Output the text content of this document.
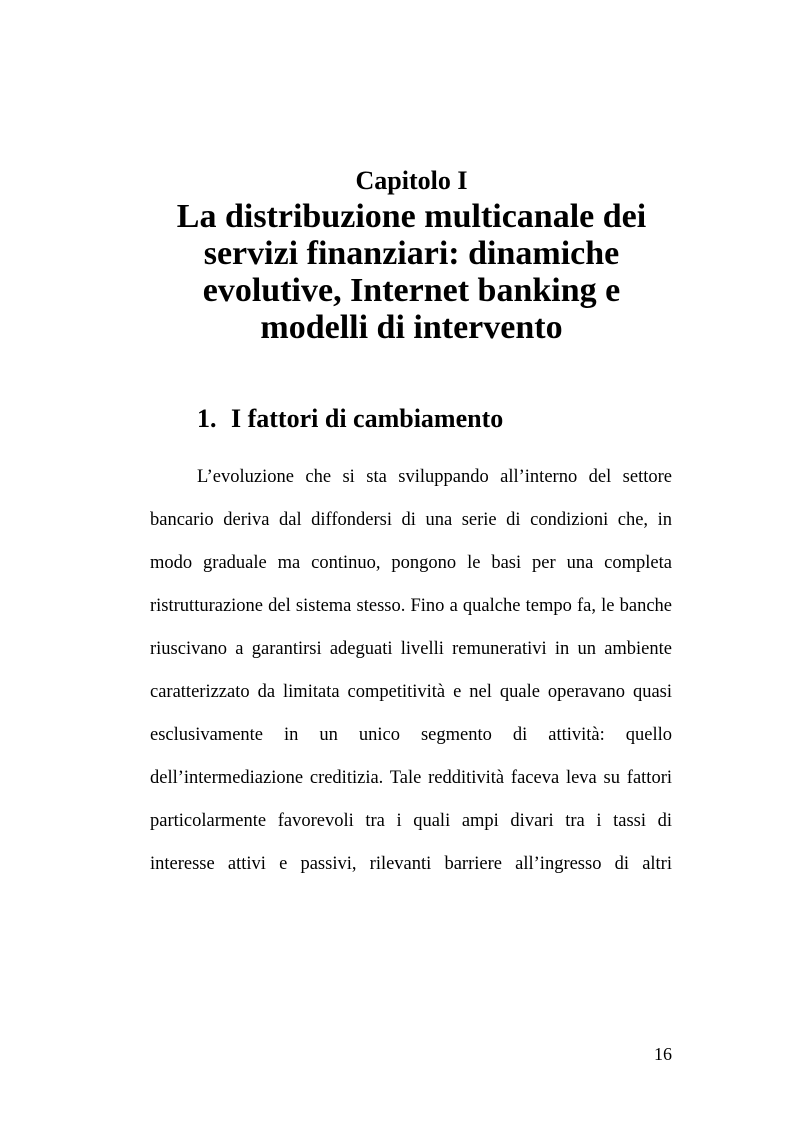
Capitolo I
La distribuzione multicanale dei servizi finanziari: dinamiche evolutive, Internet banking e modelli di intervento
1. I fattori di cambiamento
L’evoluzione che si sta sviluppando all’interno del settore
bancario deriva dal diffondersi di una serie di condizioni che, in
modo graduale ma continuo, pongono le basi per una completa
ristrutturazione del sistema stesso. Fino a qualche tempo fa, le banche
riuscivano a garantirsi adeguati livelli remunerativi in un ambiente
caratterizzato da limitata competitività e nel quale operavano quasi
esclusivamente in un unico segmento di attività: quello
dell’intermediazione creditizia. Tale redditività faceva leva su fattori
particolarmente favorevoli tra i quali ampi divari tra i tassi di
interesse attivi e passivi, rilevanti barriere all’ingresso di altri
16
